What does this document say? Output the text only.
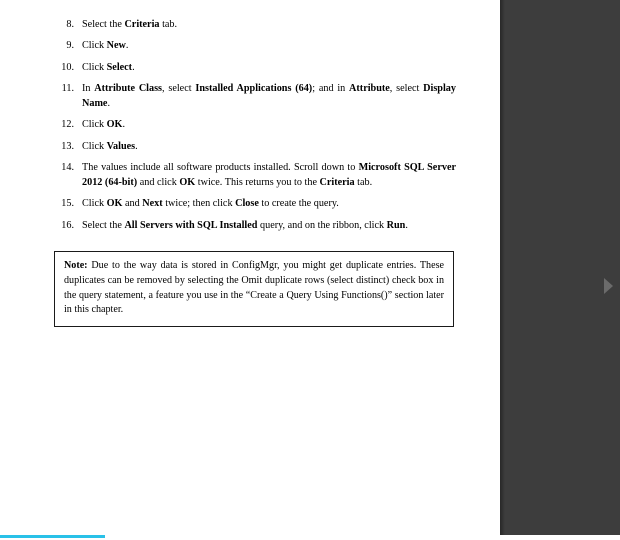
8. Select the Criteria tab.
9. Click New.
10. Click Select.
11. In Attribute Class, select Installed Applications (64); and in Attribute, select Display Name.
12. Click OK.
13. Click Values.
14. The values include all software products installed. Scroll down to Microsoft SQL Server 2012 (64-bit) and click OK twice. This returns you to the Criteria tab.
15. Click OK and Next twice; then click Close to create the query.
16. Select the All Servers with SQL Installed query, and on the ribbon, click Run.
Note: Due to the way data is stored in ConfigMgr, you might get duplicate entries. These duplicates can be removed by selecting the Omit duplicate rows (select distinct) check box in the query statement, a feature you use in the “Create a Query Using Functions()” section later in this chapter.
